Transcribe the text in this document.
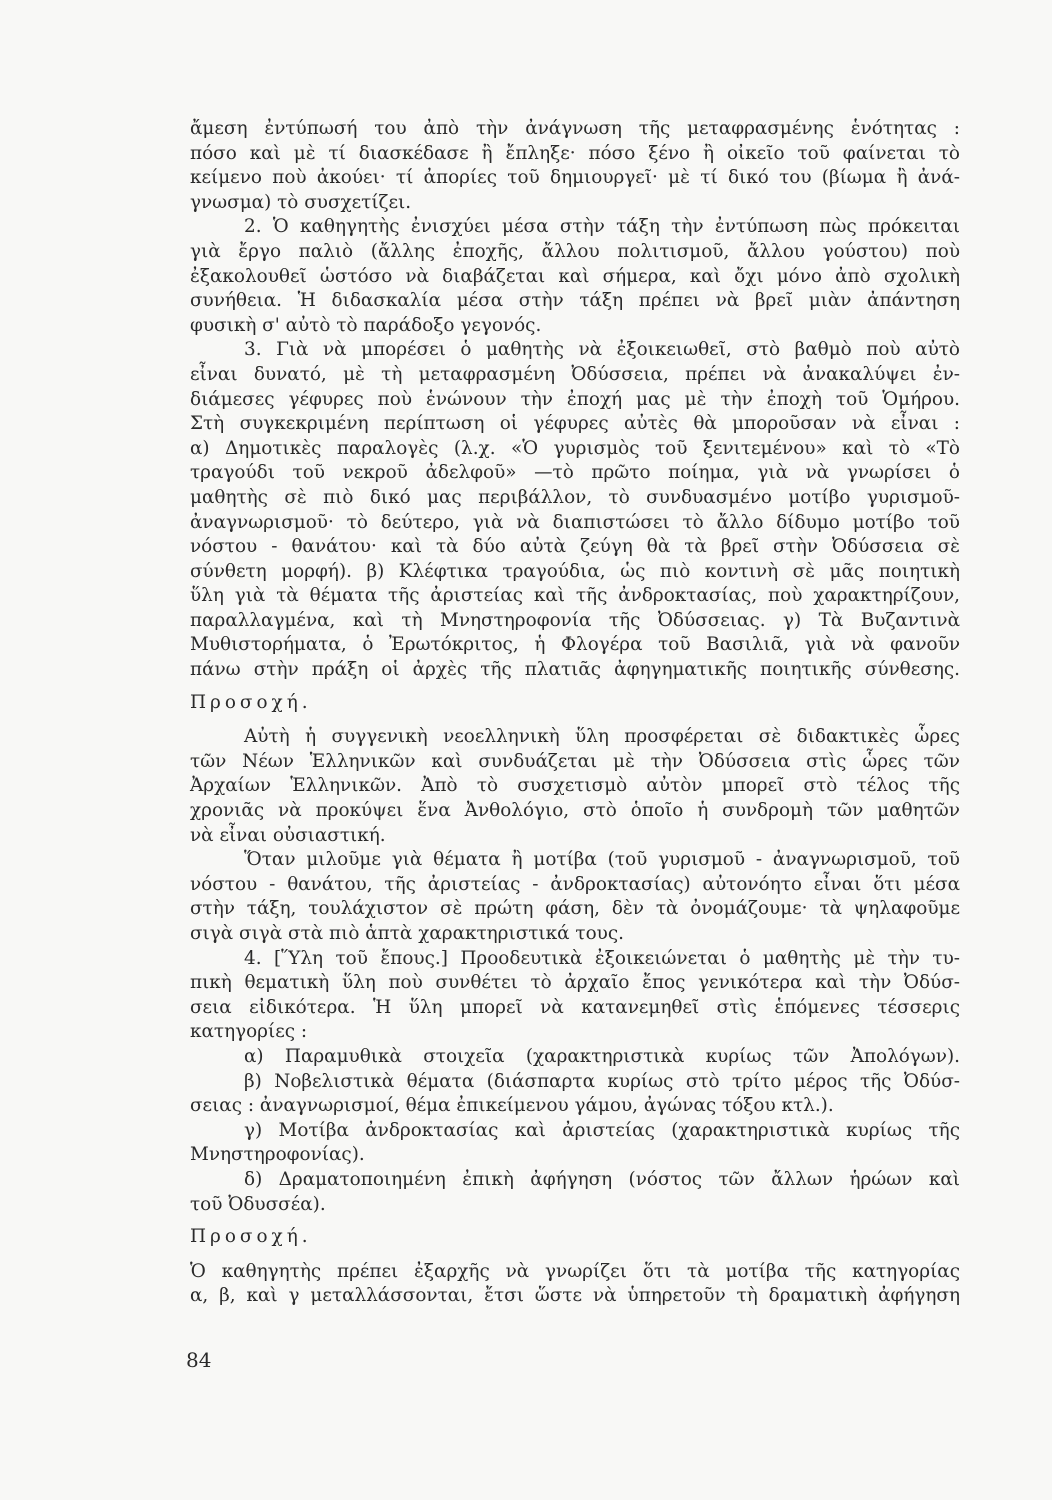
ἄμεση ἐντύπωσή του ἀπὸ τὴν ἀνάγνωση τῆς μεταφρασμένης ἑνότητας :
πόσο καὶ μὲ τί διασκέδασε ἢ ἔπληξε· πόσο ξένο ἢ οἰκεῖο τοῦ φαίνεται τὸ
κείμενο ποὺ ἀκούει· τί ἀπορίες τοῦ δημιουργεῖ· μὲ τί δικό του (βίωμα ἢ ἀνά-
γνωσμα) τὸ συσχετίζει.
2. Ὁ καθηγητὴς ἐνισχύει μέσα στὴν τάξη τὴν ἐντύπωση πὼς πρόκειται
γιὰ ἔργο παλιὸ (ἄλλης ἐποχῆς, ἄλλου πολιτισμοῦ, ἄλλου γούστου) ποὺ
ἐξακολουθεῖ ὡστόσο νὰ διαβάζεται καὶ σήμερα, καὶ ὄχι μόνο ἀπὸ σχολικὴ
συνήθεια. Ἡ διδασκαλία μέσα στὴν τάξη πρέπει νὰ βρεῖ μιὰν ἀπάντηση
φυσικὴ σ' αὐτὸ τὸ παράδοξο γεγονός.
3. Γιὰ νὰ μπορέσει ὁ μαθητὴς νὰ ἐξοικειωθεῖ, στὸ βαθμὸ ποὺ αὐτὸ
εἶναι δυνατό, μὲ τὴ μεταφρασμένη Ὀδύσσεια, πρέπει νὰ ἀνακαλύψει ἐν-
διάμεσες γέφυρες ποὺ ἑνώνουν τὴν ἐποχή μας μὲ τὴν ἐποχὴ τοῦ Ὁμήρου.
Στὴ συγκεκριμένη περίπτωση οἱ γέφυρες αὐτὲς θὰ μποροῦσαν νὰ εἶναι :
α) Δημοτικὲς παραλογὲς (λ.χ. «Ὁ γυρισμὸς τοῦ ξενιτεμένου» καὶ τὸ «Τὸ
τραγούδι τοῦ νεκροῦ ἀδελφοῦ» —τὸ πρῶτο ποίημα, γιὰ νὰ γνωρίσει ὁ
μαθητὴς σὲ πιὸ δικό μας περιβάλλον, τὸ συνδυασμένο μοτίβο γυρισμοῦ-
ἀναγνωρισμοῦ· τὸ δεύτερο, γιὰ νὰ διαπιστώσει τὸ ἄλλο δίδυμο μοτίβο τοῦ
νόστου - θανάτου· καὶ τὰ δύο αὐτὰ ζεύγη θὰ τὰ βρεῖ στὴν Ὀδύσσεια σὲ
σύνθετη μορφή). β) Κλέφτικα τραγούδια, ὡς πιὸ κοντινὴ σὲ μᾶς ποιητικὴ
ὕλη γιὰ τὰ θέματα τῆς ἀριστείας καὶ τῆς ἀνδροκτασίας, ποὺ χαρακτηρίζουν,
παραλλαγμένα, καὶ τὴ Μνηστηροφονία τῆς Ὀδύσσειας. γ) Τὰ Βυζαντινὰ
Μυθιστορήματα, ὁ Ἐρωτόκριτος, ἡ Φλογέρα τοῦ Βασιλιᾶ, γιὰ νὰ φανοῦν
πάνω στὴν πράξη οἱ ἀρχὲς τῆς πλατιᾶς ἀφηγηματικῆς ποιητικῆς σύνθεσης.
Προσοχή.
Αὐτὴ ἡ συγγενικὴ νεοελληνικὴ ὕλη προσφέρεται σὲ διδακτικὲς ὧρες
τῶν Νέων Ἑλληνικῶν καὶ συνδυάζεται μὲ τὴν Ὀδύσσεια στὶς ὧρες τῶν
Ἀρχαίων Ἑλληνικῶν. Ἀπὸ τὸ συσχετισμὸ αὐτὸν μπορεῖ στὸ τέλος τῆς
χρονιᾶς νὰ προκύψει ἕνα Ἀνθολόγιο, στὸ ὁποῖο ἡ συνδρομὴ τῶν μαθητῶν
νὰ εἶναι οὐσιαστική.
Ὅταν μιλοῦμε γιὰ θέματα ἢ μοτίβα (τοῦ γυρισμοῦ - ἀναγνωρισμοῦ, τοῦ
νόστου - θανάτου, τῆς ἀριστείας - ἀνδροκτασίας) αὐτονόητο εἶναι ὅτι μέσα
στὴν τάξη, τουλάχιστον σὲ πρώτη φάση, δὲν τὰ ὀνομάζουμε· τὰ ψηλαφοῦμε
σιγὰ σιγὰ στὰ πιὸ ἁπτὰ χαρακτηριστικά τους.
4. [Ὕλη τοῦ ἔπους.] Προοδευτικὰ ἐξοικειώνεται ὁ μαθητὴς μὲ τὴν τυ-
πικὴ θεματικὴ ὕλη ποὺ συνθέτει τὸ ἀρχαῖο ἔπος γενικότερα καὶ τὴν Ὀδύσ-
σεια εἰδικότερα. Ἡ ὕλη μπορεῖ νὰ κατανεμηθεῖ στὶς ἑπόμενες τέσσερις
κατηγορίες :
α) Παραμυθικὰ στοιχεῖα (χαρακτηριστικὰ κυρίως τῶν Ἀπολόγων).
β) Νοβελιστικὰ θέματα (διάσπαρτα κυρίως στὸ τρίτο μέρος τῆς Ὀδύσ-
σειας : ἀναγνωρισμοί, θέμα ἐπικείμενου γάμου, ἀγώνας τόξου κτλ.).
γ) Μοτίβα ἀνδροκτασίας καὶ ἀριστείας (χαρακτηριστικὰ κυρίως τῆς
Μνηστηροφονίας).
δ) Δραματοποιημένη ἐπικὴ ἀφήγηση (νόστος τῶν ἄλλων ἡρώων καὶ
τοῦ Ὀδυσσέα).
Προσοχή.
Ὁ καθηγητὴς πρέπει ἐξαρχῆς νὰ γνωρίζει ὅτι τὰ μοτίβα τῆς κατηγορίας
α, β, καὶ γ μεταλλάσσονται, ἔτσι ὥστε νὰ ὑπηρετοῦν τὴ δραματικὴ ἀφήγηση
84
